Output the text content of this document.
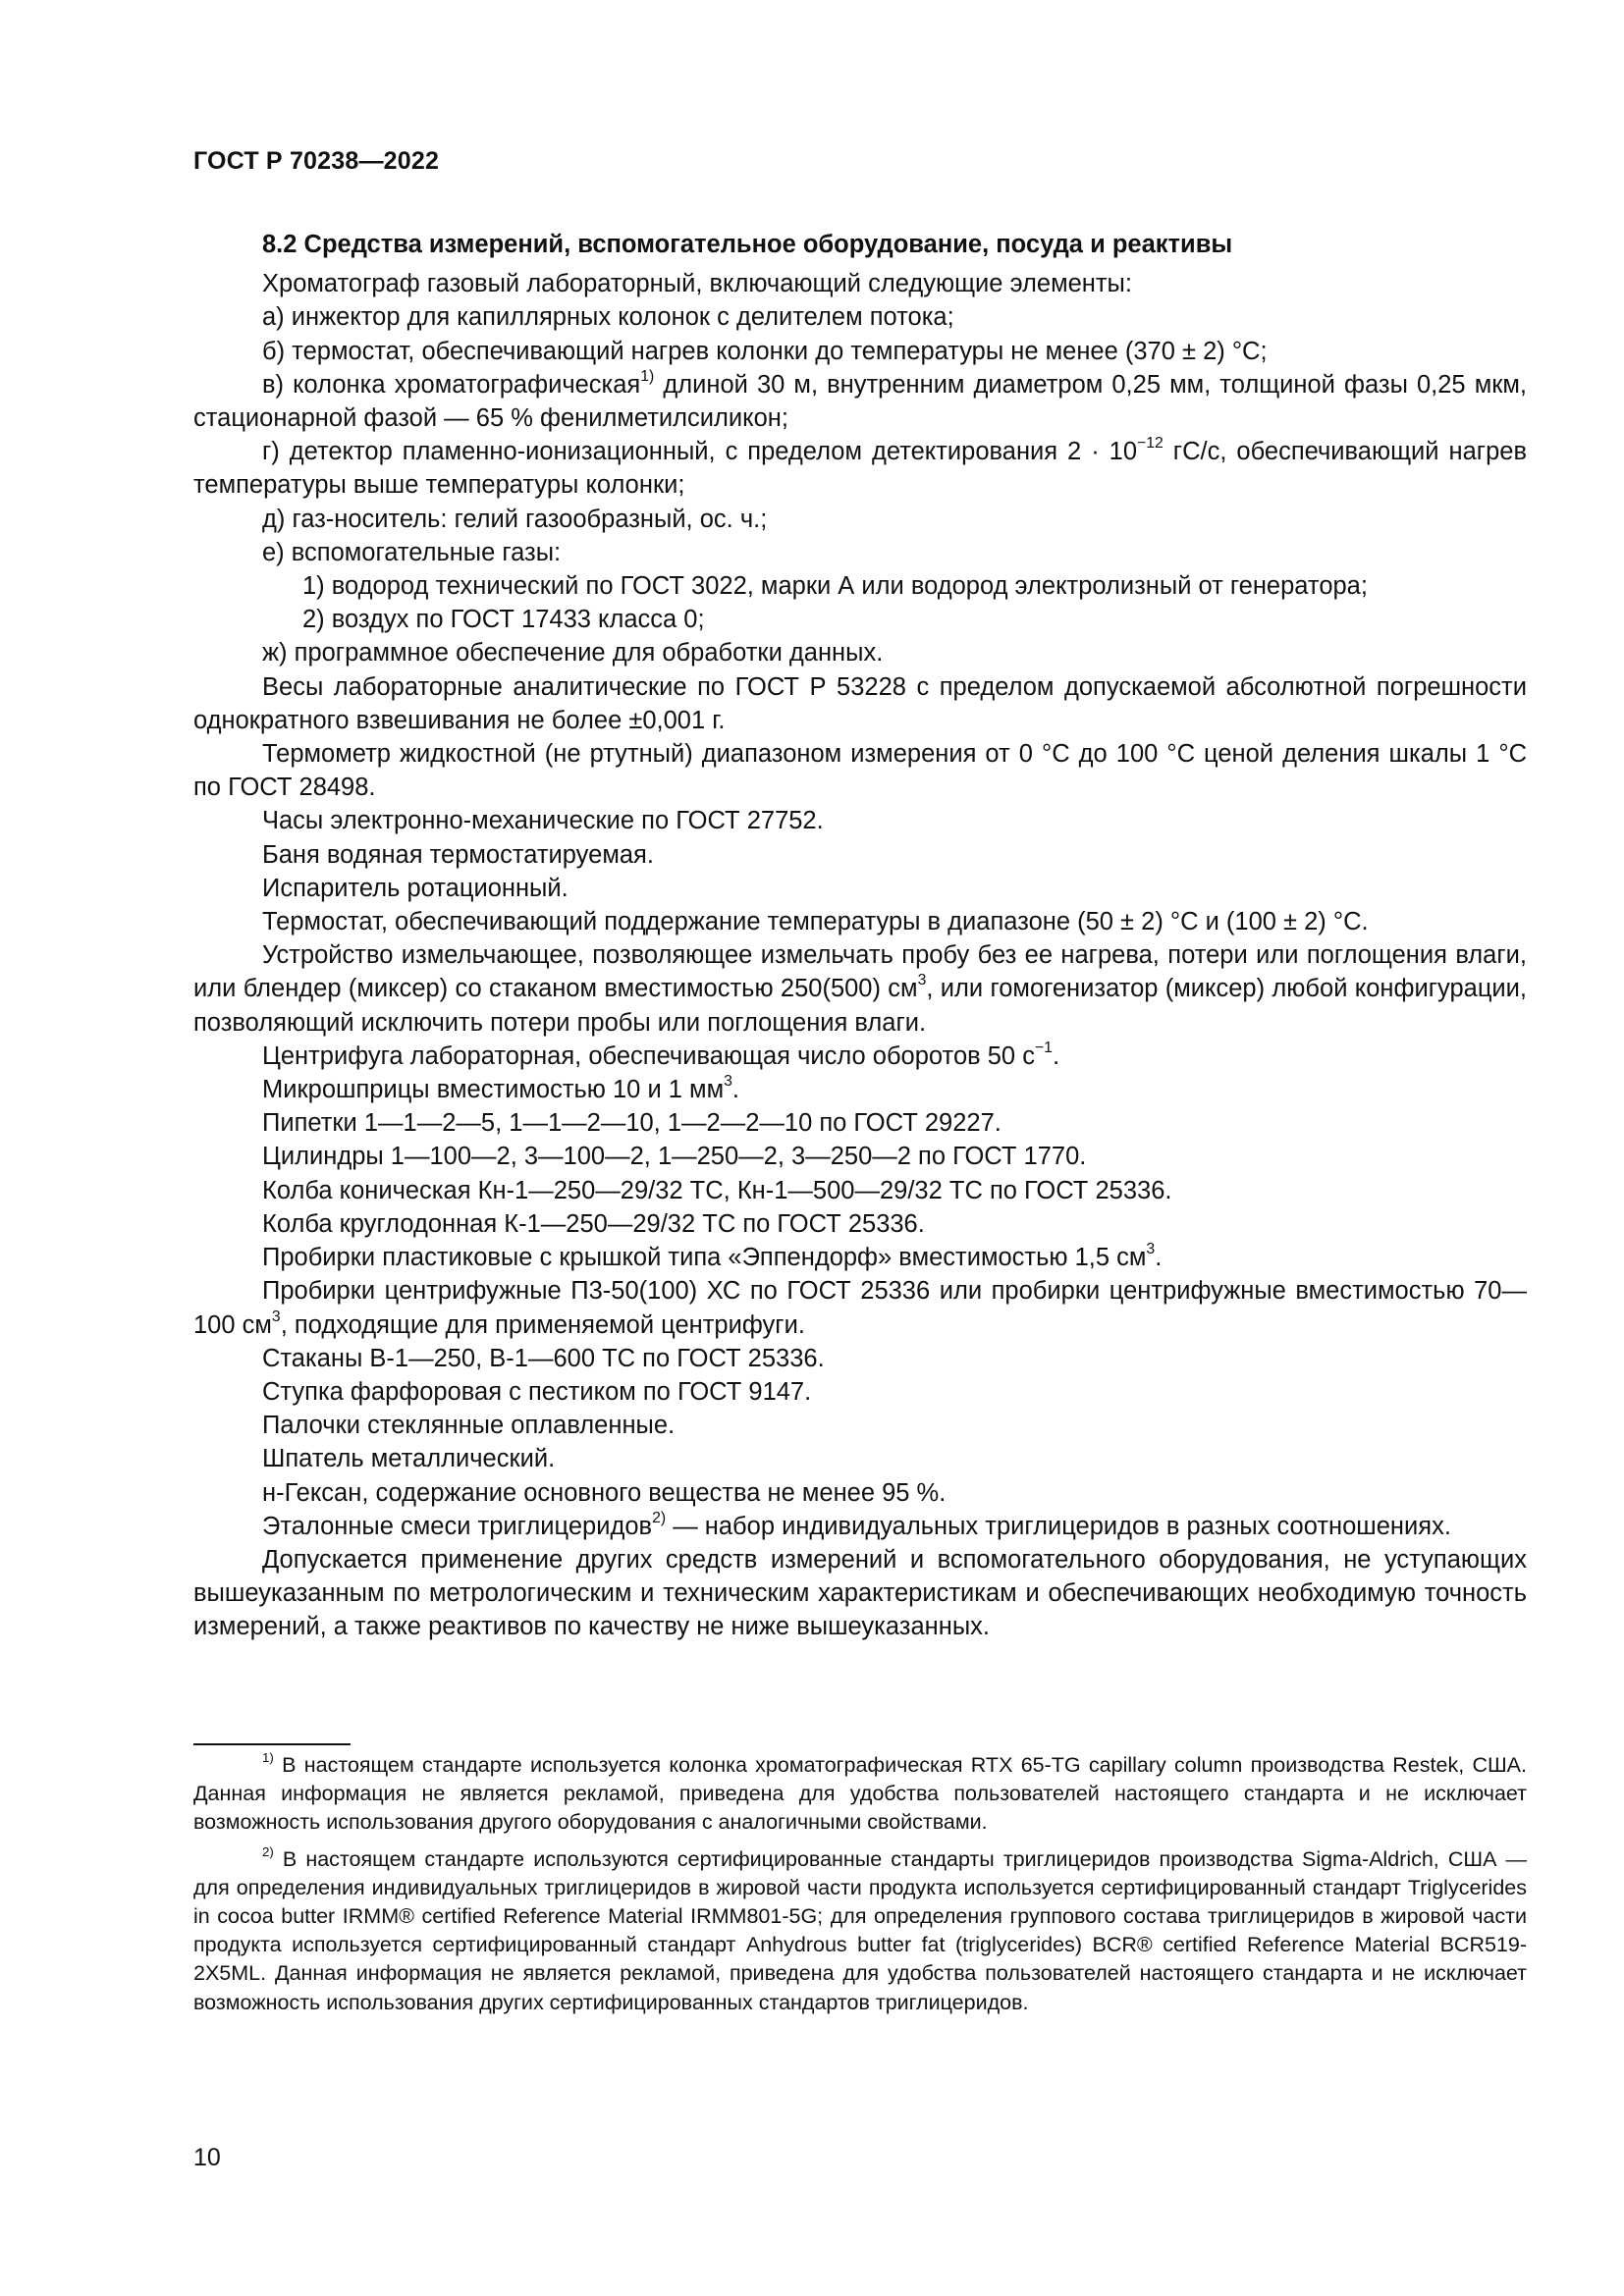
ГОСТ Р 70238—2022
8.2 Средства измерений, вспомогательное оборудование, посуда и реактивы

Хроматограф газовый лабораторный, включающий следующие элементы:

а) инжектор для капиллярных колонок с делителем потока;

б) термостат, обеспечивающий нагрев колонки до температуры не менее (370 ± 2) °С;

в) колонка хроматографическая$^{1)}$ длиной 30 м, внутренним диаметром 0,25 мм, толщиной фазы 0,25 мкм, стационарной фазой — 65 % фенилметилсиликон;

г) детектор пламенно-ионизационный, с пределом детектирования $2 \cdot 10^{-12}$ гС/с, обеспечивающий нагрев температуры выше температуры колонки;

д) газ-носитель: гелий газообразный, ос. ч.;

е) вспомогательные газы:

1) водород технический по ГОСТ 3022, марки А или водород электролизный от генератора;

2) воздух по ГОСТ 17433 класса 0;

ж) программное обеспечение для обработки данных.

Весы лабораторные аналитические по ГОСТ Р 53228 с пределом допускаемой абсолютной погрешности однократного взвешивания не более ±0,001 г.

Термометр жидкостной (не ртутный) диапазоном измерения от 0 °С до 100 °С ценой деления шкалы 1 °С по ГОСТ 28498.

Часы электронно-механические по ГОСТ 27752.

Баня водяная термостатируемая.

Испаритель ротационный.

Термостат, обеспечивающий поддержание температуры в диапазоне (50 ± 2) °С и (100 ± 2) °С.

Устройство измельчающее, позволяющее измельчать пробу без ее нагрева, потери или поглощения влаги, или блендер (миксер) со стаканом вместимостью 250(500) $см^3$, или гомогенизатор (миксер) любой конфигурации, позволяющий исключить потери пробы или поглощения влаги.

Центрифуга лабораторная, обеспечивающая число оборотов 50 $с^{-1}$.

Микрошприцы вместимостью 10 и 1 $мм^3$.

Пипетки 1—1—2—5, 1—1—2—10, 1—2—2—10 по ГОСТ 29227.

Цилиндры 1—100—2, 3—100—2, 1—250—2, 3—250—2 по ГОСТ 1770.

Колба коническая Кн-1—250—29/32 ТС, Кн-1—500—29/32 ТС по ГОСТ 25336.

Колба круглодонная К-1—250—29/32 ТС по ГОСТ 25336.

Пробирки пластиковые с крышкой типа «Эппендорф» вместимостью 1,5 $см^3$.

Пробирки центрифужные П3-50(100) ХС по ГОСТ 25336 или пробирки центрифужные вместимостью 70—100 $см^3$, подходящие для применяемой центрифуги.

Стаканы В-1—250, В-1—600 ТС по ГОСТ 25336.

Ступка фарфоровая с пестиком по ГОСТ 9147.

Палочки стеклянные оплавленные.

Шпатель металлический.

н-Гексан, содержание основного вещества не менее 95 %.

Эталонные смеси триглицеридов$^{2)}$ — набор индивидуальных триглицеридов в разных соотношениях.

Допускается применение других средств измерений и вспомогательного оборудования, не уступающих вышеуказанным по метрологическим и техническим характеристикам и обеспечивающих необходимую точность измерений, а также реактивов по качеству не ниже вышеуказанных.

$^{1)}$ В настоящем стандарте используется колонка хроматографическая RTX 65-TG capillary column производства Restek, США. Данная информация не является рекламой, приведена для удобства пользователей настоящего стандарта и не исключает возможность использования другого оборудования с аналогичными свойствами.

$^{2)}$ В настоящем стандарте используются сертифицированные стандарты триглицеридов производства Sigma-Aldrich, США — для определения индивидуальных триглицеридов в жировой части продукта используется сертифицированный стандарт Triglycerides in cocoa butter IRMM® certified Reference Material IRMM801-5G; для определения группового состава триглицеридов в жировой части продукта используется сертифицированный стандарт Anhydrous butter fat (triglycerides) BCR® certified Reference Material BCR519-2X5ML. Данная информация не является рекламой, приведена для удобства пользователей настоящего стандарта и не исключает возможность использования других сертифицированных стандартов триглицеридов.

10
